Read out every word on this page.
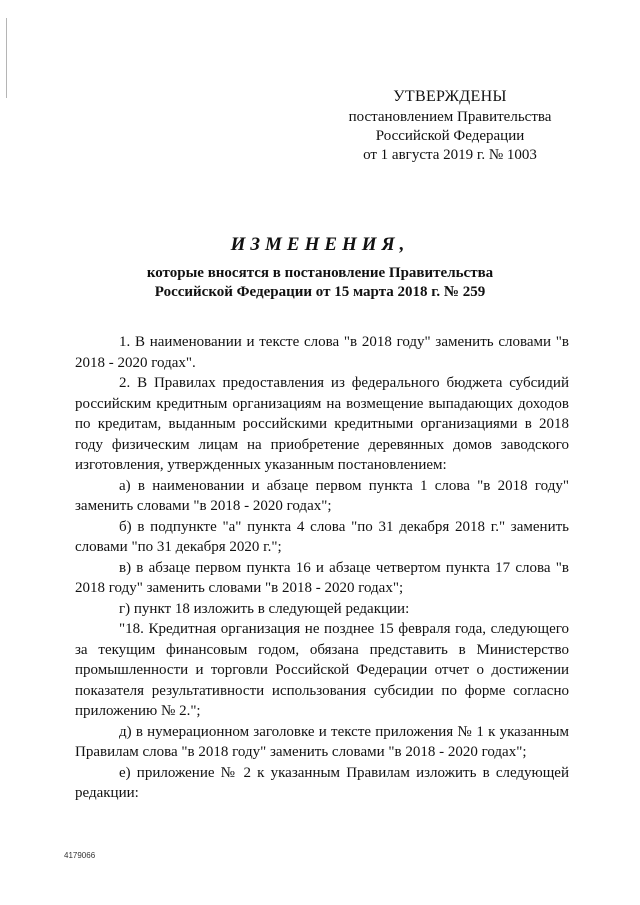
УТВЕРЖДЕНЫ
постановлением Правительства
Российской Федерации
от 1 августа 2019 г. № 1003
ИЗМЕНЕНИЯ,
которые вносятся в постановление Правительства
Российской Федерации от 15 марта 2018 г. № 259

1. В наименовании и тексте слова "в 2018 году" заменить словами "в 2018 - 2020 годах".

2. В Правилах предоставления из федерального бюджета субсидий российским кредитным организациям на возмещение выпадающих доходов по кредитам, выданным российскими кредитными организациями в 2018 году физическим лицам на приобретение деревянных домов заводского изготовления, утвержденных указанным постановлением:

а) в наименовании и абзаце первом пункта 1 слова "в 2018 году" заменить словами "в 2018 - 2020 годах";

б) в подпункте "а" пункта 4 слова "по 31 декабря 2018 г." заменить словами "по 31 декабря 2020 г.";

в) в абзаце первом пункта 16 и абзаце четвертом пункта 17 слова "в 2018 году" заменить словами "в 2018 - 2020 годах";

г) пункт 18 изложить в следующей редакции:

"18. Кредитная организация не позднее 15 февраля года, следующего за текущим финансовым годом, обязана представить в Министерство промышленности и торговли Российской Федерации отчет о достижении показателя результативности использования субсидии по форме согласно приложению № 2.";

д) в нумерационном заголовке и тексте приложения № 1 к указанным Правилам слова "в 2018 году" заменить словами "в 2018 - 2020 годах";

е) приложение № 2 к указанным Правилам изложить в следующей редакции:

4179066
